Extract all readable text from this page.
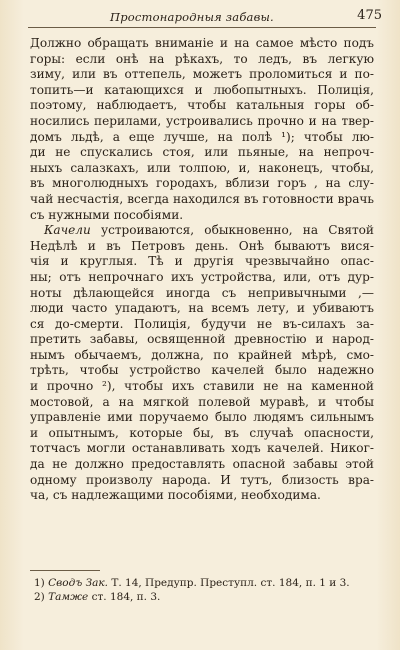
Простонародныя забавы.	475
Должно обращать вниманіе и на самое мѣсто подъ
горы: если онѣ на рѣкахъ, то ледъ, въ легкую
зиму, или въ оттепель, можетъ проломиться и по-
топить—и катающихся и любопытныхъ. Полиція,
поэтому, наблюдаетъ, чтобы катальныя горы об-
носились перилами, устроивались прочно и на твер-
домъ льдѣ, а еще лучше, на полѣ ¹); чтобы лю-
ди не спускались стоя, или пьяные, на непроч-
ныхъ салазкахъ, или толпою, и, наконецъ, чтобы,
въ многолюдныхъ городахъ, вблизи горъ , на слу-
чай несчастія, всегда находился въ готовности врачь
съ нужными пособіями.
Качели устроиваются, обыкновенно, на Святой
Недѣлѣ и въ Петровъ день. Онѣ бываютъ вися-
чія и круглыя. Тѣ и другія чрезвычайно опас-
ны; отъ непрочнаго ихъ устройства, или, отъ дур-
ноты дѣлающейся иногда съ непривычными ,—
люди часто упадаютъ, на всемъ лету, и убиваютъ
ся до-смерти. Полиція, будучи не въ-силахъ за-
претить забавы, освященной древностію и народ-
нымъ обычаемъ, должна, по крайней мѣрѣ, смо-
трѣть, чтобы устройство качелей было надежно
и прочно ²), чтобы ихъ ставили не на каменной
мостовой, а на мягкой полевой муравѣ, и чтобы
управленіе ими поручаемо было людямъ сильнымъ
и опытнымъ, которые бы, въ случаѣ опасности,
тотчасъ могли останавливать ходъ качелей. Никог-
да не должно предоставлять опасной забавы этой
одному произволу народа. И тутъ, близость вра-
ча, съ надлежащими пособіями, необходима.
1) Сводъ Зак. Т. 14, Предупр. Преступл. ст. 184, п. 1 и 3.
2) Тамже ст. 184, п. 3.
